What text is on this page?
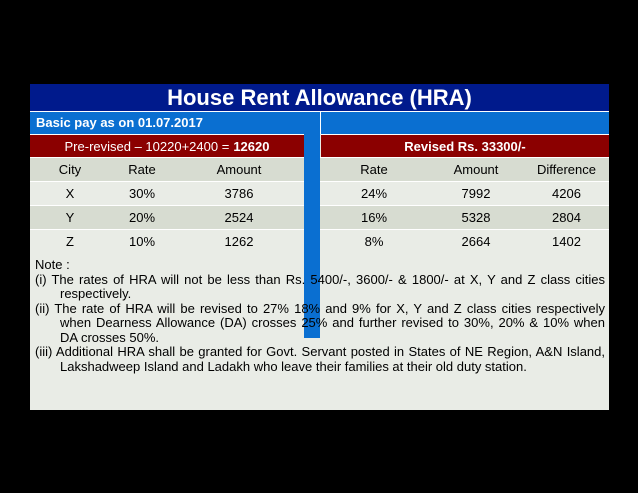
House Rent Allowance (HRA)
Basic pay as on 01.07.2017
Pre-revised – 10220+2400 = 12620	Revised Rs. 33300/-
City	Rate	Amount	Rate	Amount	Difference
X	30%	3786	24%	7992	4206
Y	20%	2524	16%	5328	2804
Z	10%	1262	8%	2664	1402

Note :

(i) The rates of HRA will not be less than Rs. 5400/-, 3600/- & 1800/- at X, Y and Z class cities respectively.

(ii) The rate of HRA will be revised to 27% 18% and 9% for X, Y and Z class cities respectively when Dearness Allowance (DA) crosses 25% and further revised to 30%, 20% & 10% when DA crosses 50%.

(iii) Additional HRA shall be granted for Govt. Servant posted in States of NE Region, A&N Island, Lakshadweep Island and Ladakh who leave their families at their old duty station.
